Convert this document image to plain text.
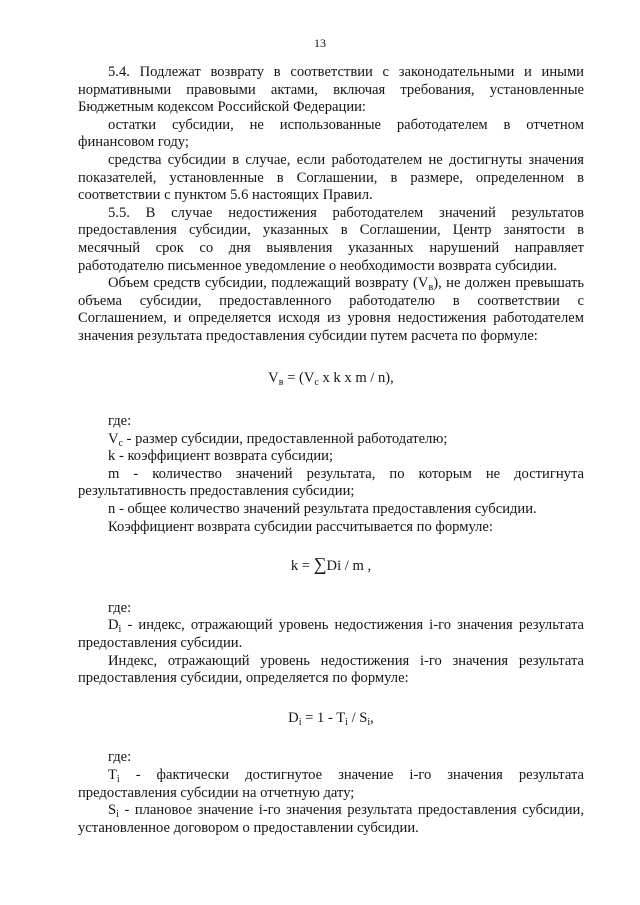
13

5.4. Подлежат возврату в соответствии с законодательными и иными нормативными правовыми актами, включая требования, установленные Бюджетным кодексом Российской Федерации:

остатки субсидии, не использованные работодателем в отчетном финансовом году;

средства субсидии в случае, если работодателем не достигнуты значения показателей, установленные в Соглашении, в размере, определенном в соответствии с пунктом 5.6 настоящих Правил.

5.5. В случае недостижения работодателем значений результатов предоставления субсидии, указанных в Соглашении, Центр занятости в месячный срок со дня выявления указанных нарушений направляет работодателю письменное уведомление о необходимости возврата субсидии.

Объем средств субсидии, подлежащий возврату $(V_в)$, не должен превышать объема субсидии, предоставленного работодателю в соответствии с Соглашением, и определяется исходя из уровня недостижения работодателем значения результата предоставления субсидии путем расчета по формуле:

$V_в = (V_с$ x k x m / n),

где:

$V_с$ - размер субсидии, предоставленной работодателю;

k - коэффициент возврата субсидии;

m - количество значений результата, по которым не достигнута результативность предоставления субсидии;

n - общее количество значений результата предоставления субсидии.

Коэффициент возврата субсидии рассчитывается по формуле:

k = ∑Di / m ,

где:

$D_i$ - индекс, отражающий уровень недостижения i-го значения результата предоставления субсидии.

Индекс, отражающий уровень недостижения i-го значения результата предоставления субсидии, определяется по формуле:

$D_i = 1 - T_i / S_i$,

где:

$T_i$ - фактически достигнутое значение i-го значения результата предоставления субсидии на отчетную дату;

$S_i$ - плановое значение i-го значения результата предоставления субсидии, установленное договором о предоставлении субсидии.
